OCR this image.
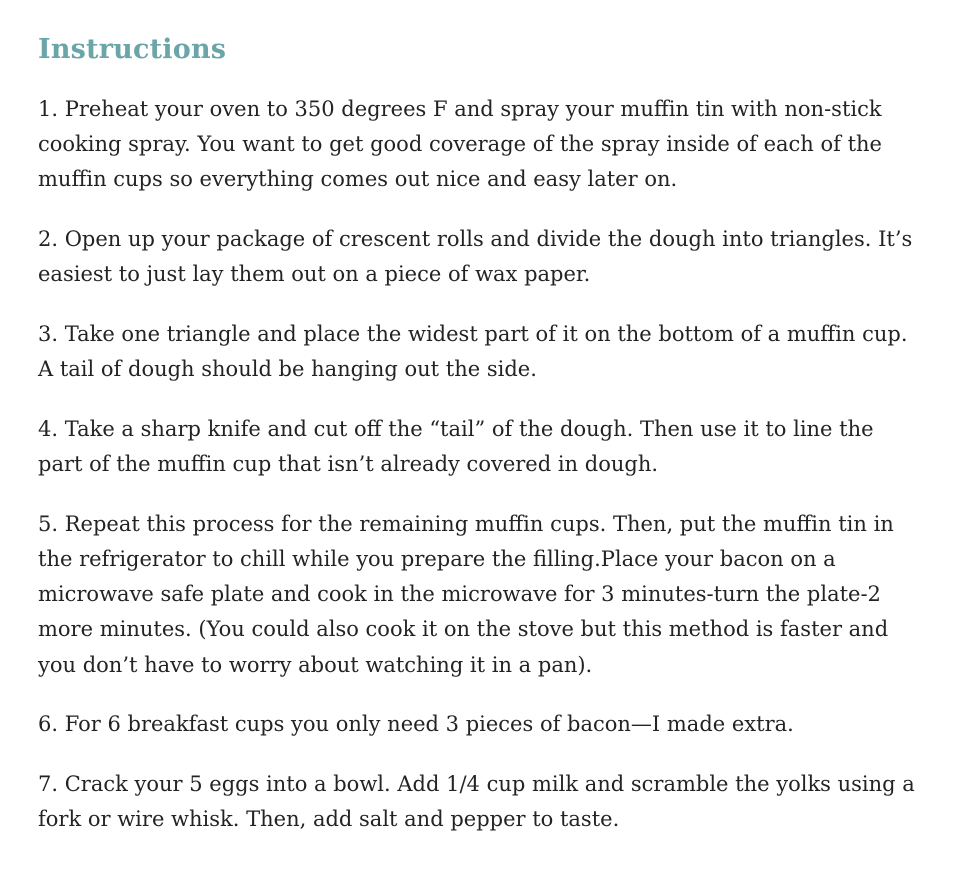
Instructions

1. Preheat your oven to 350 degrees F and spray your muffin tin with non-stick cooking spray. You want to get good coverage of the spray inside of each of the muffin cups so everything comes out nice and easy later on.

2. Open up your package of crescent rolls and divide the dough into triangles. It’s easiest to just lay them out on a piece of wax paper.

3. Take one triangle and place the widest part of it on the bottom of a muffin cup. A tail of dough should be hanging out the side.

4. Take a sharp knife and cut off the “tail” of the dough. Then use it to line the part of the muffin cup that isn’t already covered in dough.

5. Repeat this process for the remaining muffin cups. Then, put the muffin tin in the refrigerator to chill while you prepare the filling.Place your bacon on a microwave safe plate and cook in the microwave for 3 minutes-turn the plate-2 more minutes. (You could also cook it on the stove but this method is faster and you don’t have to worry about watching it in a pan).

6. For 6 breakfast cups you only need 3 pieces of bacon—I made extra.

7. Crack your 5 eggs into a bowl. Add 1/4 cup milk and scramble the yolks using a fork or wire whisk. Then, add salt and pepper to taste.
